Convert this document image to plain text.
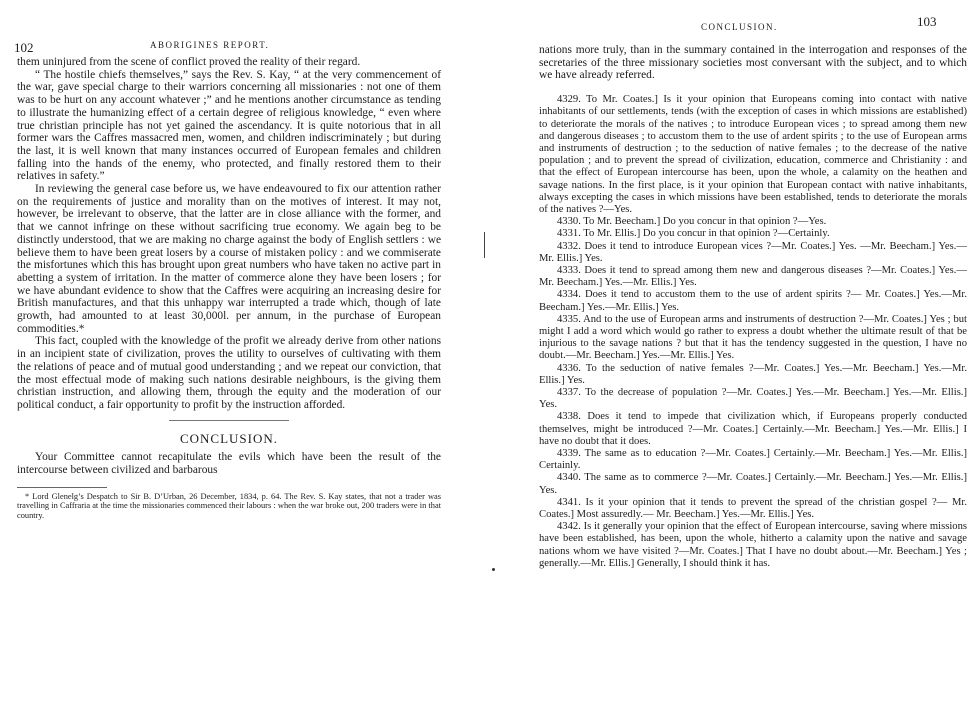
102	ABORIGINES REPORT.

them uninjured from the scene of conflict proved the reality of their regard.

“ The hostile chiefs themselves,” says the Rev. S. Kay, “ at the very commencement of the war, gave special charge to their warriors concerning all missionaries : not one of them was to be hurt on any account whatever ;” and he mentions another circumstance as tending to illustrate the humanizing effect of a certain degree of religious knowledge, “ even where true christian principle has not yet gained the ascendancy. It is quite notorious that in all former wars the Caffres massacred men, women, and children indiscriminately ; but during the last, it is well known that many instances occurred of European females and children falling into the hands of the enemy, who protected, and finally restored them to their relatives in safety.”

In reviewing the general case before us, we have endeavoured to fix our attention rather on the requirements of justice and morality than on the motives of interest. It may not, however, be irrelevant to observe, that the latter are in close alliance with the former, and that we cannot infringe on these without sacrificing true economy. We again beg to be distinctly understood, that we are making no charge against the body of English settlers : we believe them to have been great losers by a course of mistaken policy : and we commiserate the misfortunes which this has brought upon great numbers who have taken no active part in abetting a system of irritation. In the matter of commerce alone they have been losers ; for we have abundant evidence to show that the Caffres were acquiring an increasing desire for British manufactures, and that this unhappy war interrupted a trade which, though of late growth, had amounted to at least 30,000l. per annum, in the purchase of European commodities.*

This fact, coupled with the knowledge of the profit we already derive from other nations in an incipient state of civilization, proves the utility to ourselves of cultivating with them the relations of peace and of mutual good understanding ; and we repeat our conviction, that the most effectual mode of making such nations desirable neighbours, is the giving them christian instruction, and allowing them, through the equity and the moderation of our political conduct, a fair opportunity to profit by the instruction afforded.

CONCLUSION.

Your Committee cannot recapitulate the evils which have been the result of the intercourse between civilized and barbarous

* Lord Glenelg’s Despatch to Sir B. D’Urban, 26 December, 1834, p. 64. The Rev. S. Kay states, that not a trader was travelling in Caffraria at the time the missionaries commenced their labours : when the war broke out, 200 traders were in that country.

CONCLUSION.	103

nations more truly, than in the summary contained in the interrogation and responses of the secretaries of the three missionary societies most conversant with the subject, and to which we have already referred.

4329. To Mr. Coates.] Is it your opinion that Europeans coming into contact with native inhabitants of our settlements, tends (with the exception of cases in which missions are established) to deteriorate the morals of the natives ; to introduce European vices ; to spread among them new and dangerous diseases ; to accustom them to the use of ardent spirits ; to the use of European arms and instruments of destruction ; to the seduction of native females ; to the decrease of the native population ; and to prevent the spread of civilization, education, commerce and Christianity : and that the effect of European intercourse has been, upon the whole, a calamity on the heathen and savage nations. In the first place, is it your opinion that European contact with native inhabitants, always excepting the cases in which missions have been established, tends to deteriorate the morals of the natives ?—Yes.

4330. To Mr. Beecham.] Do you concur in that opinion ?—Yes.

4331. To Mr. Ellis.] Do you concur in that opinion ?—Certainly.

4332. Does it tend to introduce European vices ?—Mr. Coates.] Yes. —Mr. Beecham.] Yes.—Mr. Ellis.] Yes.

4333. Does it tend to spread among them new and dangerous diseases ?—Mr. Coates.] Yes.—Mr. Beecham.] Yes.—Mr. Ellis.] Yes.

4334. Does it tend to accustom them to the use of ardent spirits ?— Mr. Coates.] Yes.—Mr. Beecham.] Yes.—Mr. Ellis.] Yes.

4335. And to the use of European arms and instruments of destruction ?—Mr. Coates.] Yes ; but might I add a word which would go rather to express a doubt whether the ultimate result of that be injurious to the savage nations ? but that it has the tendency suggested in the question, I have no doubt.—Mr. Beecham.] Yes.—Mr. Ellis.] Yes.

4336. To the seduction of native females ?—Mr. Coates.] Yes.—Mr. Beecham.] Yes.—Mr. Ellis.] Yes.

4337. To the decrease of population ?—Mr. Coates.] Yes.—Mr. Beecham.] Yes.—Mr. Ellis.] Yes.

4338. Does it tend to impede that civilization which, if Europeans properly conducted themselves, might be introduced ?—Mr. Coates.] Certainly.—Mr. Beecham.] Yes.—Mr. Ellis.] I have no doubt that it does.

4339. The same as to education ?—Mr. Coates.] Certainly.—Mr. Beecham.] Yes.—Mr. Ellis.] Certainly.

4340. The same as to commerce ?—Mr. Coates.] Certainly.—Mr. Beecham.] Yes.—Mr. Ellis.] Yes.

4341. Is it your opinion that it tends to prevent the spread of the christian gospel ?— Mr. Coates.] Most assuredly.— Mr. Beecham.] Yes.—Mr. Ellis.] Yes.

4342. Is it generally your opinion that the effect of European intercourse, saving where missions have been established, has been, upon the whole, hitherto a calamity upon the native and savage nations whom we have visited ?—Mr. Coates.] That I have no doubt about.—Mr. Beecham.] Yes ; generally.—Mr. Ellis.] Generally, I should think it has.
